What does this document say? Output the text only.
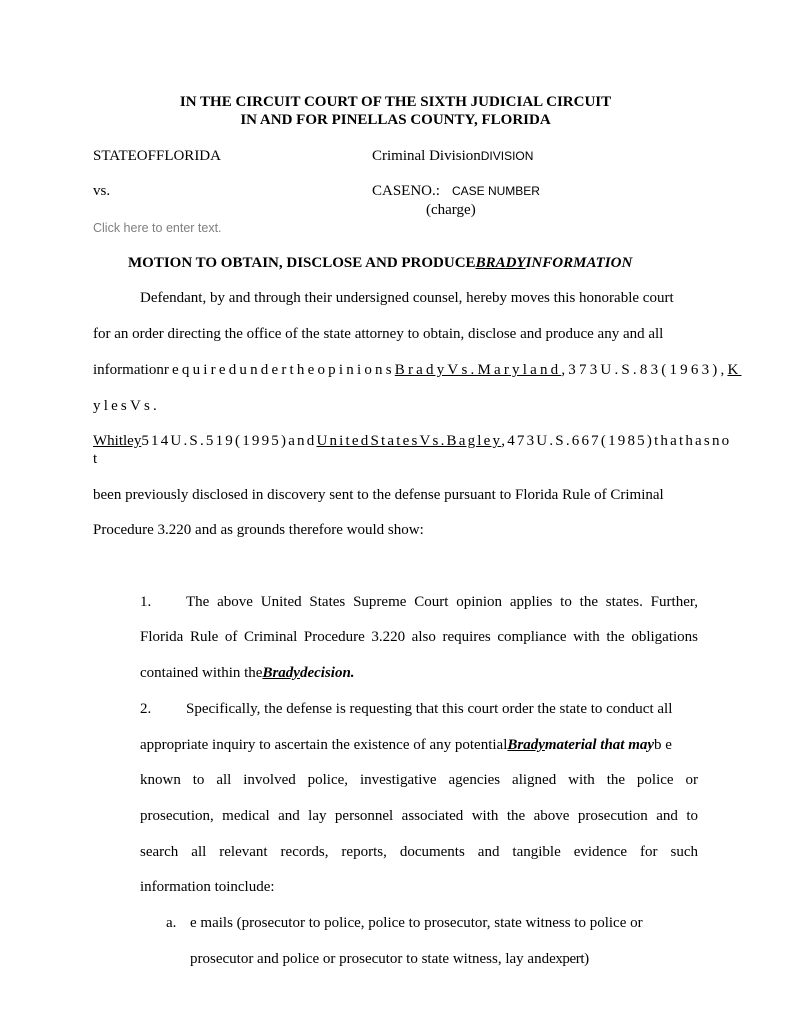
IN THE CIRCUIT COURT OF THE SIXTH JUDICIAL CIRCUIT
IN AND FOR PINELLAS COUNTY, FLORIDA
STATEOFFLORIDA	Criminal DivisionDIVISION
vs.	CASENO.: CASE NUMBER
(charge)
Click here to enter text.
MOTION TO OBTAIN, DISCLOSE AND PRODUCEBRADYINFORMATION
Defendant, by and through their undersigned counsel, hereby moves this honorable court
for an order directing the office of the state attorney to obtain, disclose and produce any and all
informationrequiredundertheopinionsBradyVs.Maryland,373U.S.83(1963),K
ylesVs.
Whitley514U.S.519(1995)andUnitedStatesVs.Bagley,473U.S.667(1985)thathasno
t
been previously disclosed in discovery sent to the defense pursuant to Florida Rule of Criminal
Procedure 3.220 and as grounds therefore would show:
1. The above United States Supreme Court opinion applies to the states. Further,
Florida Rule of Criminal Procedure 3.220 also requires compliance with the obligations
contained within theBradydecision.
2. Specifically, the defense is requesting that this court order the state to conduct all
appropriate inquiry to ascertain the existence of any potentialBradymaterial that mayb e
known to all involved police, investigative agencies aligned with the police or
prosecution, medical and lay personnel associated with the above prosecution and to
search all relevant records, reports, documents and tangible evidence for such
information toinclude:
a. e mails (prosecutor to police, police to prosecutor, state witness to police or
prosecutor and police or prosecutor to state witness, lay andexpert)
